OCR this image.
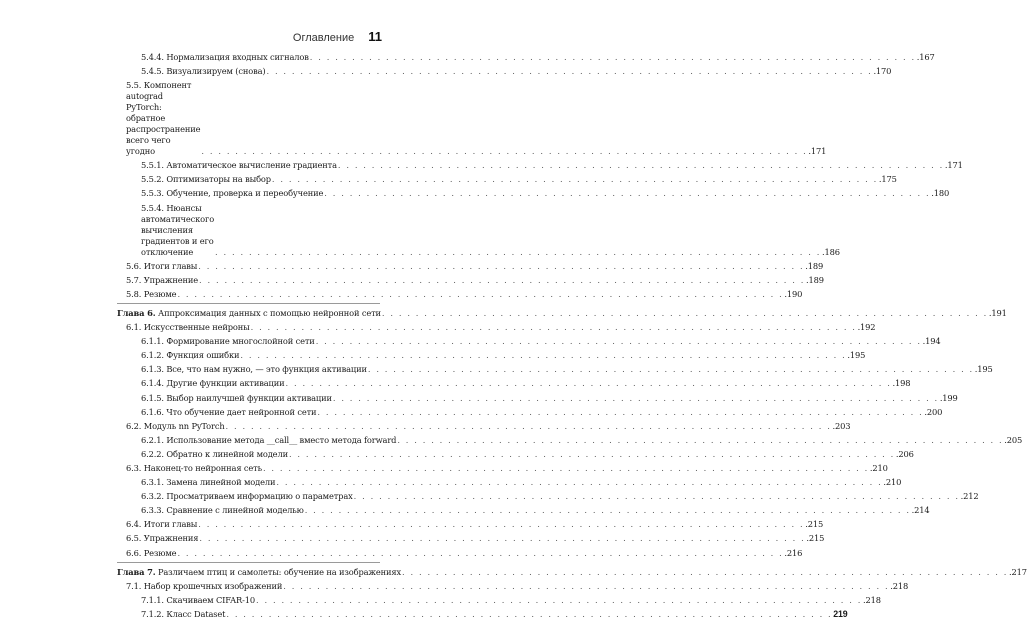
Оглавление 11
5.4.4. Нормализация входных сигналов . . . . . . . . . . . . . . . . . . . . . . . . . . . . . . . . . . . . . . . . . . . . . . . . . . . . . . . . . . . . . . . . . . . . . . . . .167
5.4.5. Визуализируем (снова) . . . . . . . . . . . . . . . . . . . . . . . . . . . . . . . . . . . . . . . . . . . . . . . . . . . . . . . . . . . . . . . . . . . . . . . . .170
5.5. Компонент autograd PyTorch: обратное распространение всего чего угодно	. . . . . . . . . . . . . . . . . . . . . . . . . . . . . . . . . . . . . . . . . . . . . . . . . . . . . . . . . . . . . . . . . . . . . . . . .171
5.5.1. Автоматическое вычисление градиента . . . . . . . . . . . . . . . . . . . . . . . . . . . . . . . . . . . . . . . . . . . . . . . . . . . . . . . . . . . . . . . . . . . . . . . . .171
5.5.2. Оптимизаторы на выбор . . . . . . . . . . . . . . . . . . . . . . . . . . . . . . . . . . . . . . . . . . . . . . . . . . . . . . . . . . . . . . . . . . . . . . . . .175
5.5.3. Обучение, проверка и переобучение . . . . . . . . . . . . . . . . . . . . . . . . . . . . . . . . . . . . . . . . . . . . . . . . . . . . . . . . . . . . . . . . . . . . . . . . .180
5.5.4. Нюансы автоматического вычисления градиентов и его отключение	. . . . . . . . . . . . . . . . . . . . . . . . . . . . . . . . . . . . . . . . . . . . . . . . . . . . . . . . . . . . . . . . . . . . . . . . .186
5.6. Итоги главы . . . . . . . . . . . . . . . . . . . . . . . . . . . . . . . . . . . . . . . . . . . . . . . . . . . . . . . . . . . . . . . . . . . . . . . . .189
5.7. Упражнение . . . . . . . . . . . . . . . . . . . . . . . . . . . . . . . . . . . . . . . . . . . . . . . . . . . . . . . . . . . . . . . . . . . . . . . . .189
5.8. Резюме . . . . . . . . . . . . . . . . . . . . . . . . . . . . . . . . . . . . . . . . . . . . . . . . . . . . . . . . . . . . . . . . . . . . . . . . .190
Глава 6. Аппроксимация данных с помощью нейронной сети . . . . . . . . . . . . . . . . . . . . . . . . . . . . . . . . . . . . . . . . . . . . . . . . . . . . . . . . . . . . . . . . . . . . . . . . .191
6.1. Искусственные нейроны . . . . . . . . . . . . . . . . . . . . . . . . . . . . . . . . . . . . . . . . . . . . . . . . . . . . . . . . . . . . . . . . . . . . . . . . .192
6.1.1. Формирование многослойной сети . . . . . . . . . . . . . . . . . . . . . . . . . . . . . . . . . . . . . . . . . . . . . . . . . . . . . . . . . . . . . . . . . . . . . . . . .194
6.1.2. Функция ошибки . . . . . . . . . . . . . . . . . . . . . . . . . . . . . . . . . . . . . . . . . . . . . . . . . . . . . . . . . . . . . . . . . . . . . . . . .195
6.1.3. Все, что нам нужно, — это функция активации . . . . . . . . . . . . . . . . . . . . . . . . . . . . . . . . . . . . . . . . . . . . . . . . . . . . . . . . . . . . . . . . . . . . . . . . .195
6.1.4. Другие функции активации . . . . . . . . . . . . . . . . . . . . . . . . . . . . . . . . . . . . . . . . . . . . . . . . . . . . . . . . . . . . . . . . . . . . . . . . .198
6.1.5. Выбор наилучшей функции активации . . . . . . . . . . . . . . . . . . . . . . . . . . . . . . . . . . . . . . . . . . . . . . . . . . . . . . . . . . . . . . . . . . . . . . . . .199
6.1.6. Что обучение дает нейронной сети . . . . . . . . . . . . . . . . . . . . . . . . . . . . . . . . . . . . . . . . . . . . . . . . . . . . . . . . . . . . . . . . . . . . . . . . .200
6.2. Модуль nn PyTorch . . . . . . . . . . . . . . . . . . . . . . . . . . . . . . . . . . . . . . . . . . . . . . . . . . . . . . . . . . . . . . . . . . . . . . . . .203
6.2.1. Использование метода __call__ вместо метода forward . . . . . . . . . . . . . . . . . . . . . . . . . . . . . . . . . . . . . . . . . . . . . . . . . . . . . . . . . . . . . . . . . . . . . . . . .205
6.2.2. Обратно к линейной модели . . . . . . . . . . . . . . . . . . . . . . . . . . . . . . . . . . . . . . . . . . . . . . . . . . . . . . . . . . . . . . . . . . . . . . . . .206
6.3. Наконец-то нейронная сеть . . . . . . . . . . . . . . . . . . . . . . . . . . . . . . . . . . . . . . . . . . . . . . . . . . . . . . . . . . . . . . . . . . . . . . . . .210
6.3.1. Замена линейной модели . . . . . . . . . . . . . . . . . . . . . . . . . . . . . . . . . . . . . . . . . . . . . . . . . . . . . . . . . . . . . . . . . . . . . . . . .210
6.3.2. Просматриваем информацию о параметрах . . . . . . . . . . . . . . . . . . . . . . . . . . . . . . . . . . . . . . . . . . . . . . . . . . . . . . . . . . . . . . . . . . . . . . . . .212
6.3.3. Сравнение с линейной моделью . . . . . . . . . . . . . . . . . . . . . . . . . . . . . . . . . . . . . . . . . . . . . . . . . . . . . . . . . . . . . . . . . . . . . . . . .214
6.4. Итоги главы . . . . . . . . . . . . . . . . . . . . . . . . . . . . . . . . . . . . . . . . . . . . . . . . . . . . . . . . . . . . . . . . . . . . . . . . .215
6.5. Упражнения . . . . . . . . . . . . . . . . . . . . . . . . . . . . . . . . . . . . . . . . . . . . . . . . . . . . . . . . . . . . . . . . . . . . . . . . .215
6.6. Резюме . . . . . . . . . . . . . . . . . . . . . . . . . . . . . . . . . . . . . . . . . . . . . . . . . . . . . . . . . . . . . . . . . . . . . . . . .216
Глава 7. Различаем птиц и самолеты: обучение на изображениях . . . . . . . . . . . . . . . . . . . . . . . . . . . . . . . . . . . . . . . . . . . . . . . . . . . . . . . . . . . . . . . . . . . . . . . . .217
7.1. Набор крошечных изображений . . . . . . . . . . . . . . . . . . . . . . . . . . . . . . . . . . . . . . . . . . . . . . . . . . . . . . . . . . . . . . . . . . . . . . . . .218
7.1.1. Скачиваем CIFAR-10 . . . . . . . . . . . . . . . . . . . . . . . . . . . . . . . . . . . . . . . . . . . . . . . . . . . . . . . . . . . . . . . . . . . . . . . . .218
7.1.2. Класс Dataset . . . . . . . . . . . . . . . . . . . . . . . . . . . . . . . . . . . . . . . . . . . . . . . . . . . . . . . . . . . . . . . . . . . . . . . . 219
